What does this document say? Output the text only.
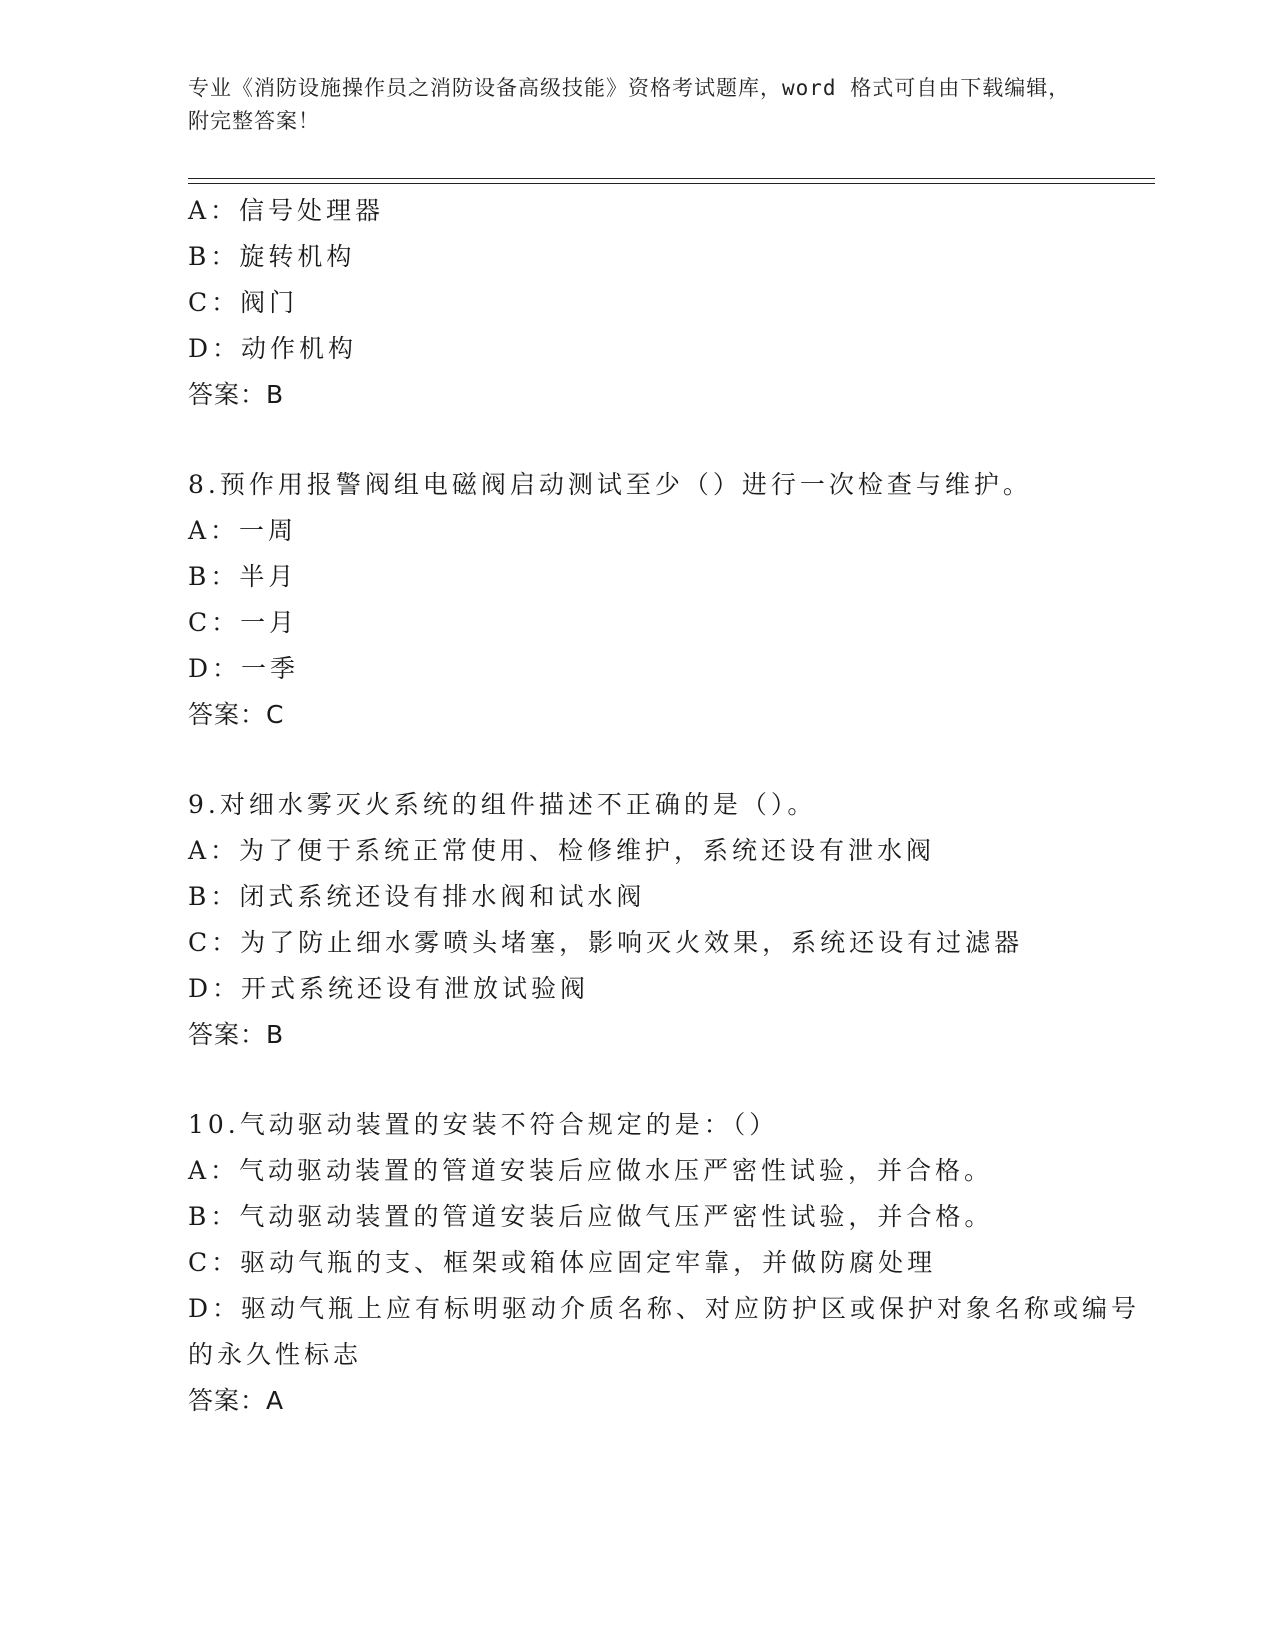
专业《消防设施操作员之消防设备高级技能》资格考试题库，word 格式可自由下载编辑，附完整答案！
A：信号处理器
B：旋转机构
C：阀门
D：动作机构
答案：B
8.预作用报警阀组电磁阀启动测试至少（）进行一次检查与维护。
A：一周
B：半月
C：一月
D：一季
答案：C
9.对细水雾灭火系统的组件描述不正确的是（）。
A：为了便于系统正常使用、检修维护，系统还设有泄水阀
B：闭式系统还设有排水阀和试水阀
C：为了防止细水雾喷头堵塞，影响灭火效果，系统还设有过滤器
D：开式系统还设有泄放试验阀
答案：B
10.气动驱动装置的安装不符合规定的是：（）
A：气动驱动装置的管道安装后应做水压严密性试验，并合格。
B：气动驱动装置的管道安装后应做气压严密性试验，并合格。
C：驱动气瓶的支、框架或箱体应固定牢靠，并做防腐处理
D：驱动气瓶上应有标明驱动介质名称、对应防护区或保护对象名称或编号的永久性标志
答案：A
